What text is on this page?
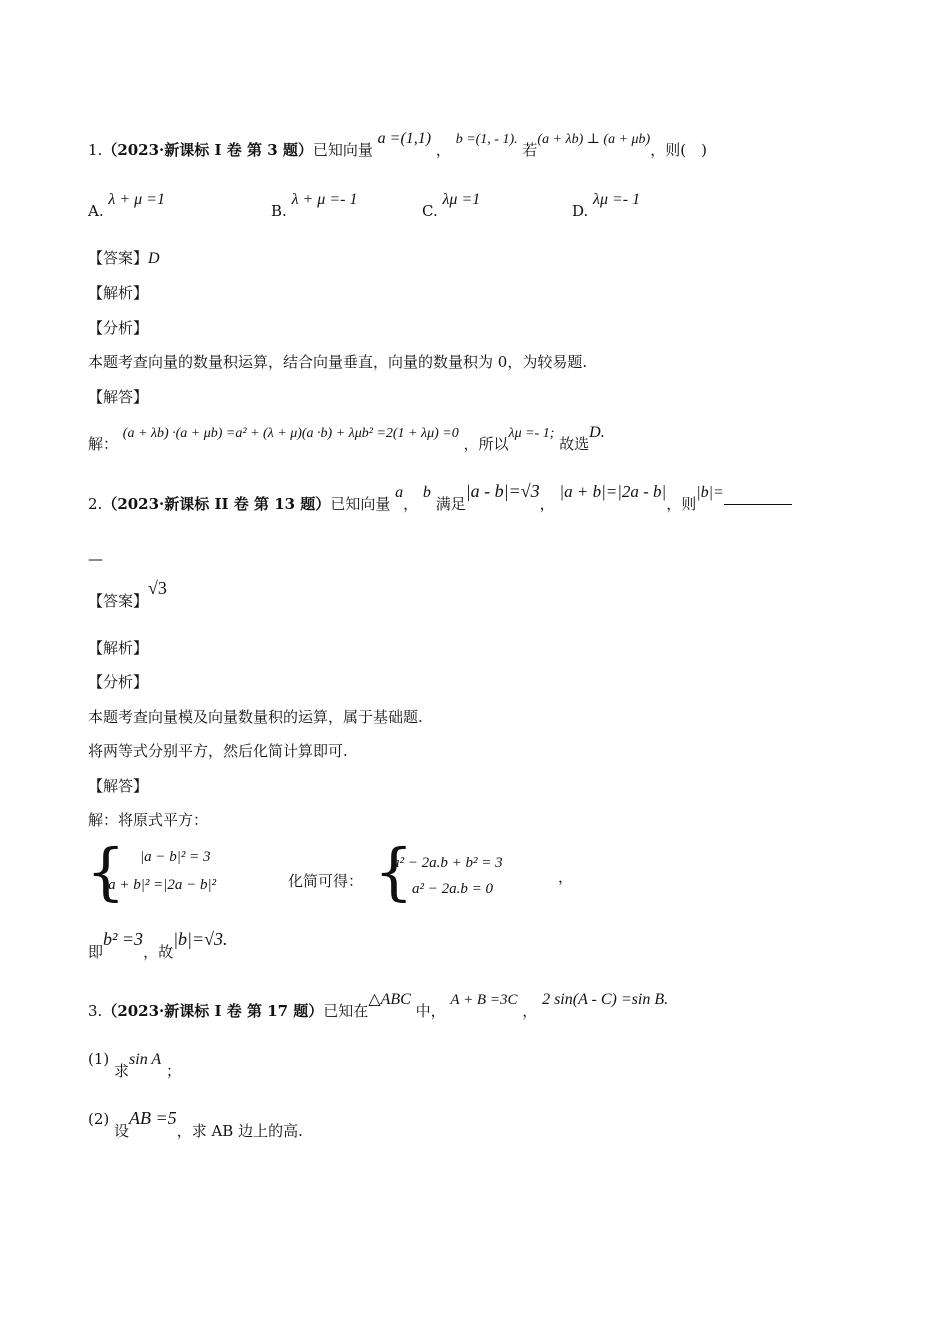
1.（2023·新课标 I 卷 第 3 题）已知向量 a =(1,1) ， b =(1, - 1). 若(a + λb) ⊥ (a + μb)，则(　)
A. λ + μ =1
B. λ + μ =- 1
C. λμ =1
D. λμ =- 1
【答案】D
【解析】
【分析】
本题考查向量的数量积运算，结合向量垂直，向量的数量积为 0，为较易题.
【解答】
解： (a + λb) ·(a + μb) =a² + (λ + μ)(a ·b) + λμb² =2(1 + λμ) =0 ，所以λμ =- 1; 故选D.
2.（2023·新课标 II 卷 第 13 题）已知向量 a， b 满足|a - b|=√3， |a + b|=|2a - b|，则|b|=
—
【答案】√3
【解析】
【分析】
本题考查向量模及向量数量积的运算，属于基础题.
将两等式分别平方，然后化简计算即可.
【解答】
解：将原式平方：
{ |a − b|² = 3
|a + b|² =|2a − b|²	化简可得： {
a² − 2a.b + b² = 3
a² − 2a.b = 0
，
即b² =3，故|b|=√3.
3.（2023·新课标 I 卷 第 17 题）已知在△ABC 中， A + B =3C ， 2 sin(A - C) =sin B.
(1) 求sin A ；
(2) 设AB =5，求 AB 边上的高.
